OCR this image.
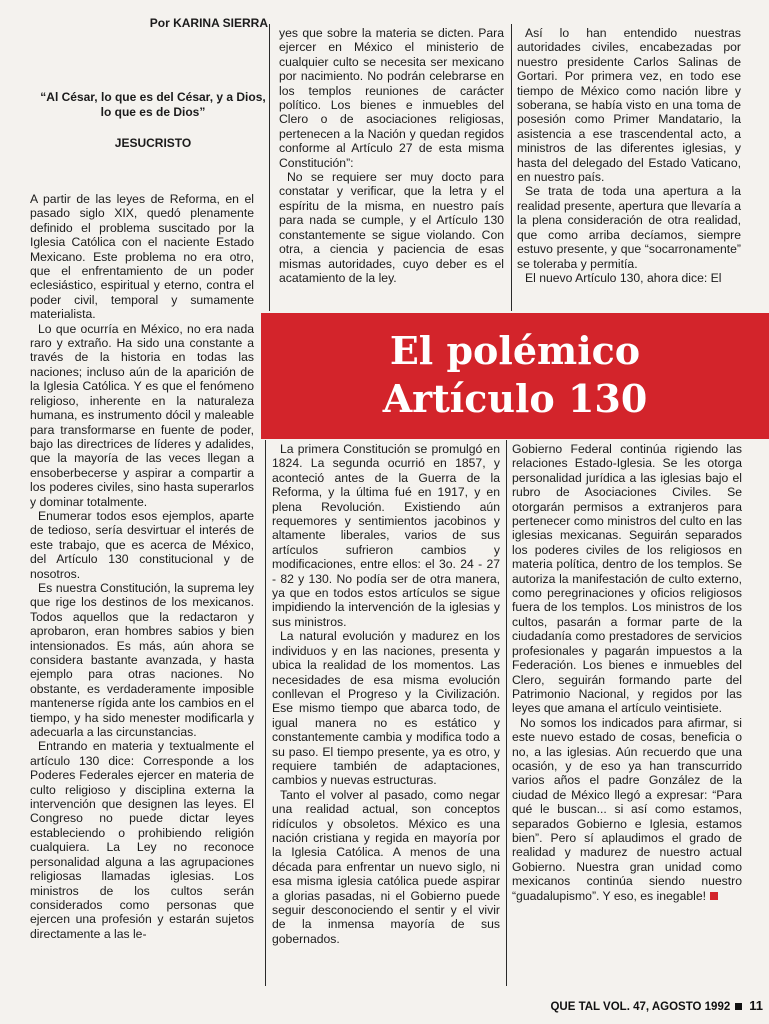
Por KARINA SIERRA
“Al César, lo que es del César, y a Dios, lo que es de Dios”
JESUCRISTO

A partir de las leyes de Reforma, en el pasado siglo XIX, quedó plenamente definido el problema suscitado por la Iglesia Católica con el naciente Estado Mexicano. Este problema no era otro, que el enfrentamiento de un poder eclesiástico, espiritual y eterno, contra el poder civil, temporal y sumamente materialista.

Lo que ocurría en México, no era nada raro y extraño. Ha sido una constante a través de la historia en todas las naciones; incluso aún de la aparición de la Iglesia Católica. Y es que el fenómeno religioso, inherente en la naturaleza humana, es instrumento dócil y maleable para transformarse en fuente de poder, bajo las directrices de líderes y adalides, que la mayoría de las veces llegan a ensoberbecerse y aspirar a compartir a los poderes civiles, sino hasta superarlos y dominar totalmente.

Enumerar todos esos ejemplos, aparte de tedioso, sería desvirtuar el interés de este trabajo, que es acerca de México, del Artículo 130 constitucional y de nosotros.

Es nuestra Constitución, la suprema ley que rige los destinos de los mexicanos. Todos aquellos que la redactaron y aprobaron, eran hombres sabios y bien intensionados. Es más, aún ahora se considera bastante avanzada, y hasta ejemplo para otras naciones. No obstante, es verdaderamente imposible mantenerse rígida ante los cambios en el tiempo, y ha sido menester modificarla y adecuarla a las circunstancias.

Entrando en materia y textualmente el artículo 130 dice: Corresponde a los Poderes Federales ejercer en materia de culto religioso y disciplina externa la intervención que designen las leyes. El Congreso no puede dictar leyes estableciendo o prohibiendo religión cualquiera. La Ley no reconoce personalidad alguna a las agrupaciones religiosas llamadas iglesias. Los ministros de los cultos serán considerados como personas que ejercen una profesión y estarán sujetos directamente a las le-

yes que sobre la materia se dicten. Para ejercer en México el ministerio de cualquier culto se necesita ser mexicano por nacimiento. No podrán celebrarse en los templos reuniones de carácter político. Los bienes e inmuebles del Clero o de asociaciones religiosas, pertenecen a la Nación y quedan regidos conforme al Artículo 27 de esta misma Constitución”:

No se requiere ser muy docto para constatar y verificar, que la letra y el espíritu de la misma, en nuestro país para nada se cumple, y el Artículo 130 constantemente se sigue violando. Con otra, a ciencia y paciencia de esas mismas autoridades, cuyo deber es el acatamiento de la ley.

Así lo han entendido nuestras autoridades civiles, encabezadas por nuestro presidente Carlos Salinas de Gortari. Por primera vez, en todo ese tiempo de México como nación libre y soberana, se había visto en una toma de posesión como Primer Mandatario, la asistencia a ese trascendental acto, a ministros de las diferentes iglesias, y hasta del delegado del Estado Vaticano, en nuestro país.

Se trata de toda una apertura a la realidad presente, apertura que llevaría a la plena consideración de otra realidad, que como arriba decíamos, siempre estuvo presente, y que “socarronamente” se toleraba y permitía.

El nuevo Artículo 130, ahora dice: El

El polémico
Artículo 130

La primera Constitución se promulgó en 1824. La segunda ocurrió en 1857, y aconteció antes de la Guerra de la Reforma, y la última fué en 1917, y en plena Revolución. Existiendo aún requemores y sentimientos jacobinos y altamente liberales, varios de sus artículos sufrieron cambios y modificaciones, entre ellos: el 3o. 24 - 27 - 82 y 130. No podía ser de otra manera, ya que en todos estos artículos se sigue impidiendo la intervención de la iglesias y sus ministros.

La natural evolución y madurez en los individuos y en las naciones, presenta y ubica la realidad de los momentos. Las necesidades de esa misma evolución conllevan el Progreso y la Civilización. Ese mismo tiempo que abarca todo, de igual manera no es estático y constantemente cambia y modifica todo a su paso. El tiempo presente, ya es otro, y requiere también de adaptaciones, cambios y nuevas estructuras.

Tanto el volver al pasado, como negar una realidad actual, son conceptos ridículos y obsoletos. México es una nación cristiana y regida en mayoría por la Iglesia Católica. A menos de una década para enfrentar un nuevo siglo, ni esa misma iglesia católica puede aspirar a glorias pasadas, ni el Gobierno puede seguir desconociendo el sentir y el vivir de la inmensa mayoría de sus gobernados.

Gobierno Federal continúa rigiendo las relaciones Estado-Iglesia. Se les otorga personalidad jurídica a las iglesias bajo el rubro de Asociaciones Civiles. Se otorgarán permisos a extranjeros para pertenecer como ministros del culto en las iglesias mexicanas. Seguirán separados los poderes civiles de los religiosos en materia política, dentro de los templos. Se autoriza la manifestación de culto externo, como peregrinaciones y oficios religiosos fuera de los templos. Los ministros de los cultos, pasarán a formar parte de la ciudadanía como prestadores de servicios profesionales y pagarán impuestos a la Federación. Los bienes e inmuebles del Clero, seguirán formando parte del Patrimonio Nacional, y regidos por las leyes que amana el artículo veintisiete.

No somos los indicados para afirmar, si este nuevo estado de cosas, beneficia o no, a las iglesias. Aún recuerdo que una ocasión, y de eso ya han transcurrido varios años el padre González de la ciudad de México llegó a expresar: “Para qué le buscan... si así como estamos, separados Gobierno e Iglesia, estamos bien”. Pero sí aplaudimos el grado de realidad y madurez de nuestro actual Gobierno. Nuestra gran unidad como mexicanos continúa siendo nuestro “guadalupismo”. Y eso, es inegable!

QUE TAL VOL. 47, AGOSTO 1992 11
